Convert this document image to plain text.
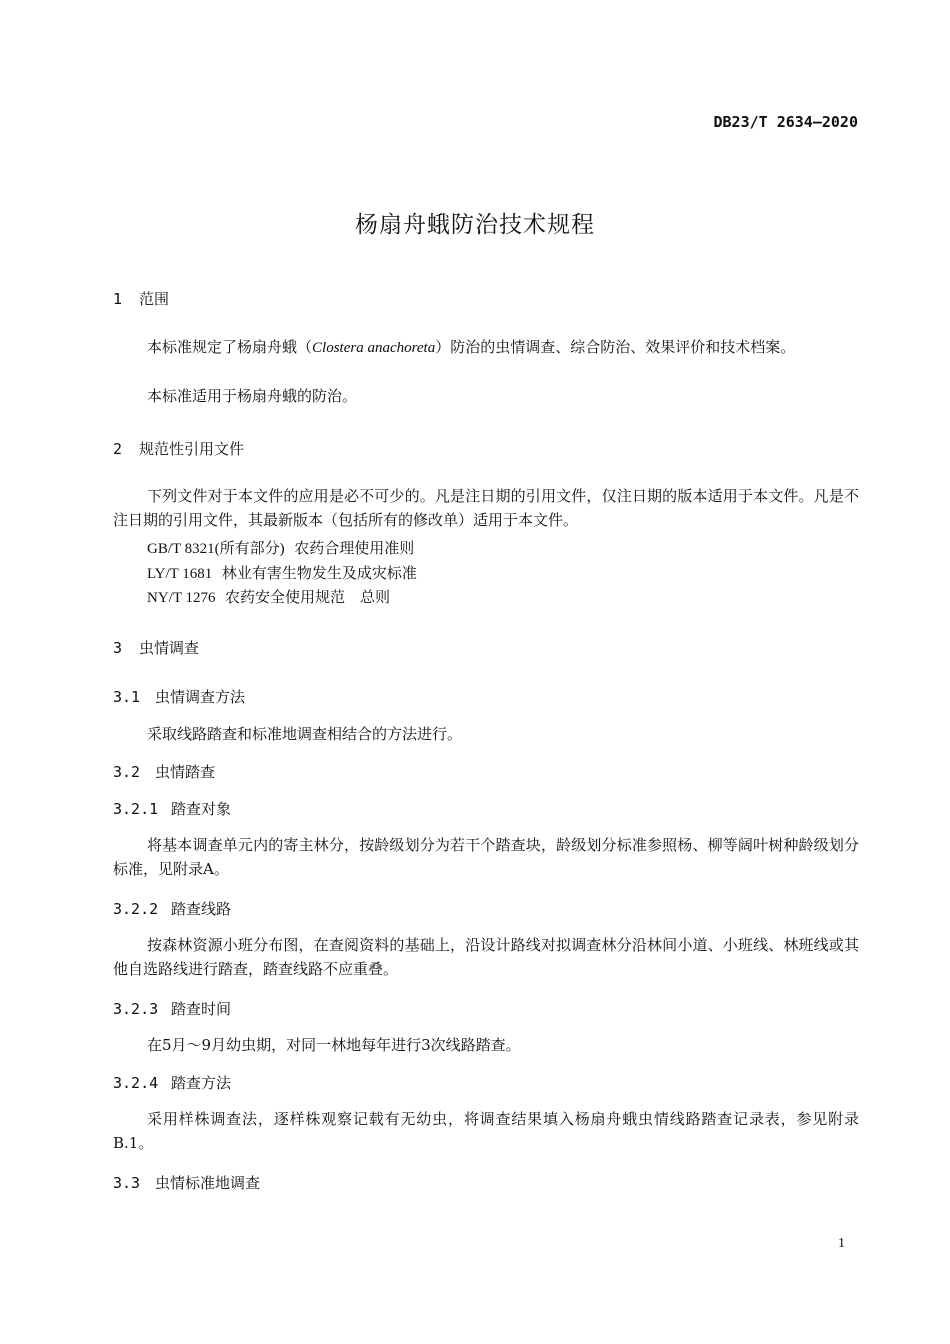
DB23/T 2634—2020
杨扇舟蛾防治技术规程
1 范围

本标准规定了杨扇舟蛾（Clostera anachoreta）防治的虫情调查、综合防治、效果评价和技术档案。

本标准适用于杨扇舟蛾的防治。

2 规范性引用文件

下列文件对于本文件的应用是必不可少的。凡是注日期的引用文件，仅注日期的版本适用于本文件。凡是不注日期的引用文件，其最新版本（包括所有的修改单）适用于本文件。

GB/T 8321(所有部分) 农药合理使用准则
LY/T 1681 林业有害生物发生及成灾标准
NY/T 1276 农药安全使用规范　总则
3 虫情调查
3.1 虫情调查方法

采取线路踏查和标准地调查相结合的方法进行。

3.2 虫情踏查
3.2.1 踏查对象

将基本调查单元内的寄主林分，按龄级划分为若干个踏查块，龄级划分标准参照杨、柳等阔叶树种龄级划分标准，见附录A。

3.2.2 踏查线路

按森林资源小班分布图，在查阅资料的基础上，沿设计路线对拟调查林分沿林间小道、小班线、林班线或其他自选路线进行踏查，踏查线路不应重叠。

3.2.3 踏查时间

在5月～9月幼虫期，对同一林地每年进行3次线路踏查。

3.2.4 踏查方法

采用样株调查法，逐样株观察记载有无幼虫，将调查结果填入杨扇舟蛾虫情线路踏查记录表，参见附录B.1。

3.3 虫情标准地调查
1
